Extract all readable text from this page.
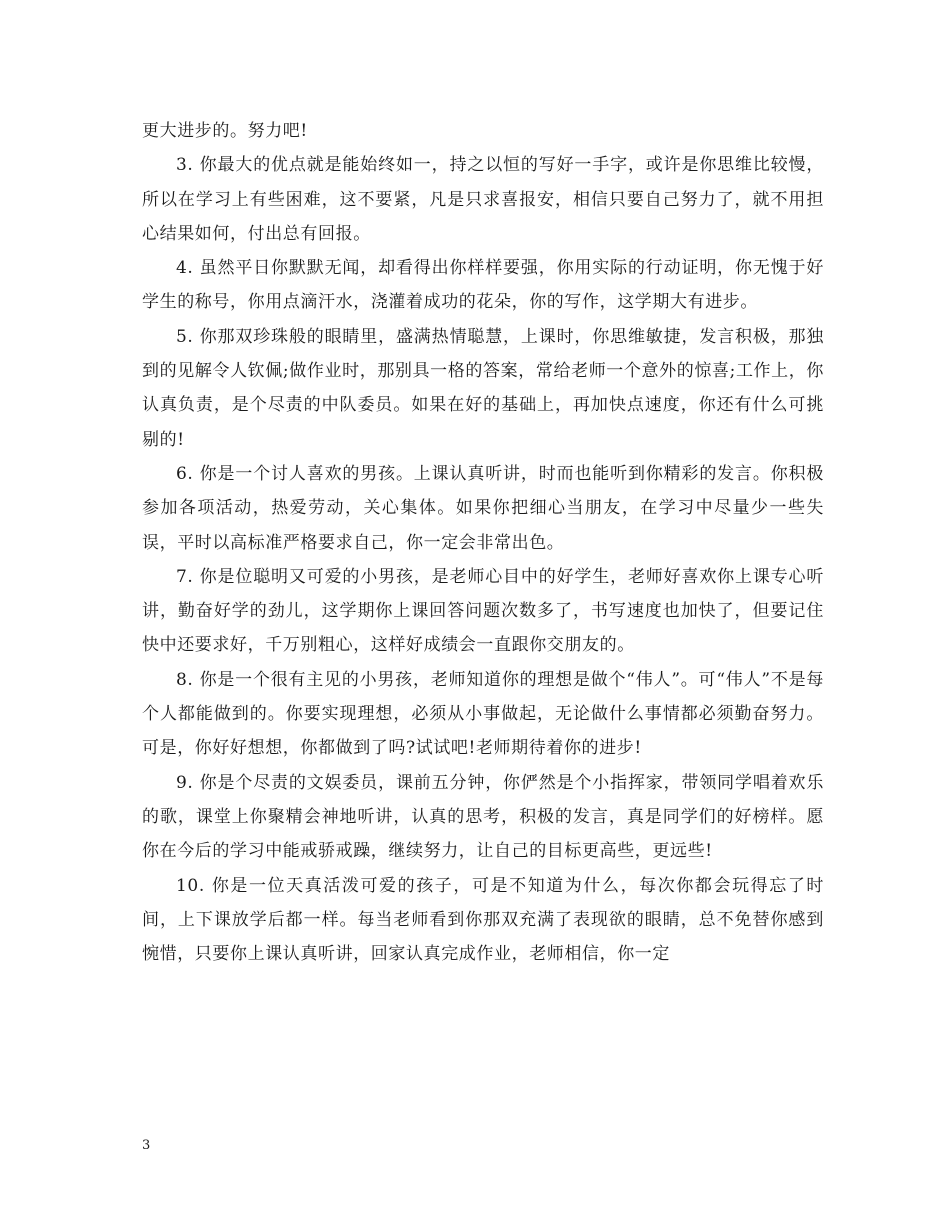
更大进步的。努力吧!

3. 你最大的优点就是能始终如一，持之以恒的写好一手字，或许是你思维比较慢，所以在学习上有些困难，这不要紧，凡是只求喜报安，相信只要自己努力了，就不用担心结果如何，付出总有回报。

4. 虽然平日你默默无闻，却看得出你样样要强，你用实际的行动证明，你无愧于好学生的称号，你用点滴汗水，浇灌着成功的花朵，你的写作，这学期大有进步。

5. 你那双珍珠般的眼睛里，盛满热情聪慧，上课时，你思维敏捷，发言积极，那独到的见解令人钦佩;做作业时，那别具一格的答案，常给老师一个意外的惊喜;工作上，你认真负责，是个尽责的中队委员。如果在好的基础上，再加快点速度，你还有什么可挑剔的!

6. 你是一个讨人喜欢的男孩。上课认真听讲，时而也能听到你精彩的发言。你积极参加各项活动，热爱劳动，关心集体。如果你把细心当朋友，在学习中尽量少一些失误，平时以高标准严格要求自己，你一定会非常出色。

7. 你是位聪明又可爱的小男孩，是老师心目中的好学生，老师好喜欢你上课专心听讲，勤奋好学的劲儿，这学期你上课回答问题次数多了，书写速度也加快了，但要记住快中还要求好，千万别粗心，这样好成绩会一直跟你交朋友的。

8. 你是一个很有主见的小男孩，老师知道你的理想是做个“伟人”。可“伟人”不是每个人都能做到的。你要实现理想，必须从小事做起，无论做什么事情都必须勤奋努力。可是，你好好想想，你都做到了吗?试试吧!老师期待着你的进步!

9. 你是个尽责的文娱委员，课前五分钟，你俨然是个小指挥家，带领同学唱着欢乐的歌，课堂上你聚精会神地听讲，认真的思考，积极的发言，真是同学们的好榜样。愿你在今后的学习中能戒骄戒躁，继续努力，让自己的目标更高些，更远些!

10. 你是一位天真活泼可爱的孩子，可是不知道为什么，每次你都会玩得忘了时间，上下课放学后都一样。每当老师看到你那双充满了表现欲的眼睛，总不免替你感到惋惜，只要你上课认真听讲，回家认真完成作业，老师相信，你一定

3
